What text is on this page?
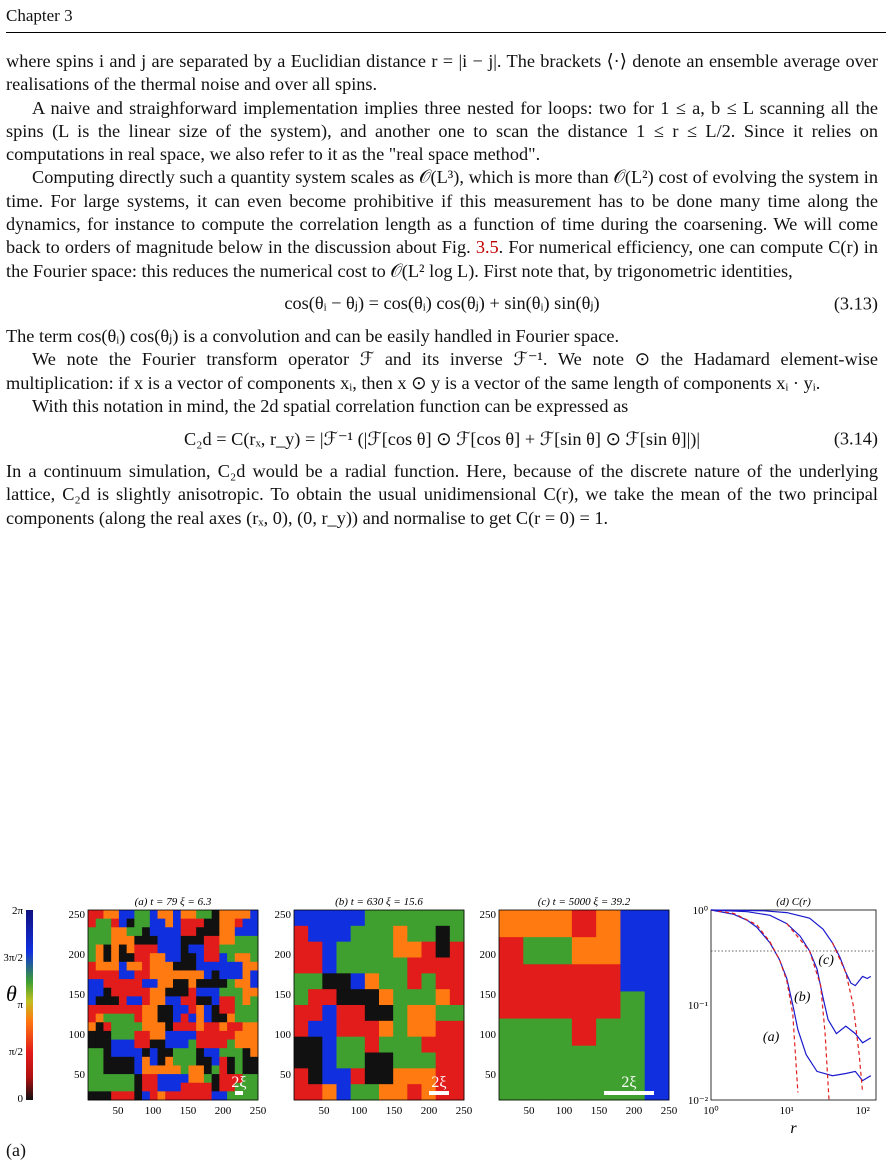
Chapter 3

where spins i and j are separated by a Euclidian distance r = |i − j|. The brackets ⟨·⟩ denote an ensemble average over realisations of the thermal noise and over all spins.

A naive and straighforward implementation implies three nested for loops: two for 1 ≤ a, b ≤ L scanning all the spins (L is the linear size of the system), and another one to scan the distance 1 ≤ r ≤ L/2. Since it relies on computations in real space, we also refer to it as the "real space method".

Computing directly such a quantity system scales as 𝒪(L³), which is more than 𝒪(L²) cost of evolving the system in time. For large systems, it can even become prohibitive if this measurement has to be done many time along the dynamics, for instance to compute the correlation length as a function of time during the coarsening. We will come back to orders of magnitude below in the discussion about Fig. 3.5. For numerical efficiency, one can compute C(r) in the Fourier space: this reduces the numerical cost to 𝒪(L² log L). First note that, by trigonometric identities,

cos(θᵢ − θⱼ) = cos(θᵢ) cos(θⱼ) + sin(θᵢ) sin(θⱼ)	(3.13)

The term cos(θᵢ) cos(θⱼ) is a convolution and can be easily handled in Fourier space.

We note the Fourier transform operator ℱ and its inverse ℱ⁻¹. We note ⊙ the Hadamard element-wise multiplication: if x is a vector of components xᵢ, then x ⊙ y is a vector of the same length of components xᵢ · yᵢ.

With this notation in mind, the 2d spatial correlation function can be expressed as

C₂d = C(rₓ, r_y) = |ℱ⁻¹ (|ℱ[cos θ] ⊙ ℱ[cos θ] + ℱ[sin θ] ⊙ ℱ[sin θ]|)|	(3.14)

In a continuum simulation, C₂d would be a radial function. Here, because of the discrete nature of the underlying lattice, C₂d is slightly anisotropic. To obtain the usual unidimensional C(r), we take the mean of the two principal components (along the real axes (rₓ, 0), (0, r_y)) and normalise to get C(r = 0) = 1.

2π
3π/2
π
π/2
0
θ
(a) t = 79 ξ = 6.3
250
200
150
100
50
50 100 150 200 250
2ξ
(b) t = 630 ξ = 15.6
250
200
150
100
50
50 100 150 200 250
2ξ
(c) t = 5000 ξ = 39.2
250
200
150
100
50
50 100 150 200 250
2ξ
(d) C(r)
10⁰
10⁻¹
10⁻²
10⁰	10¹	10²
r
(a)
(b)
(c)
(a)
